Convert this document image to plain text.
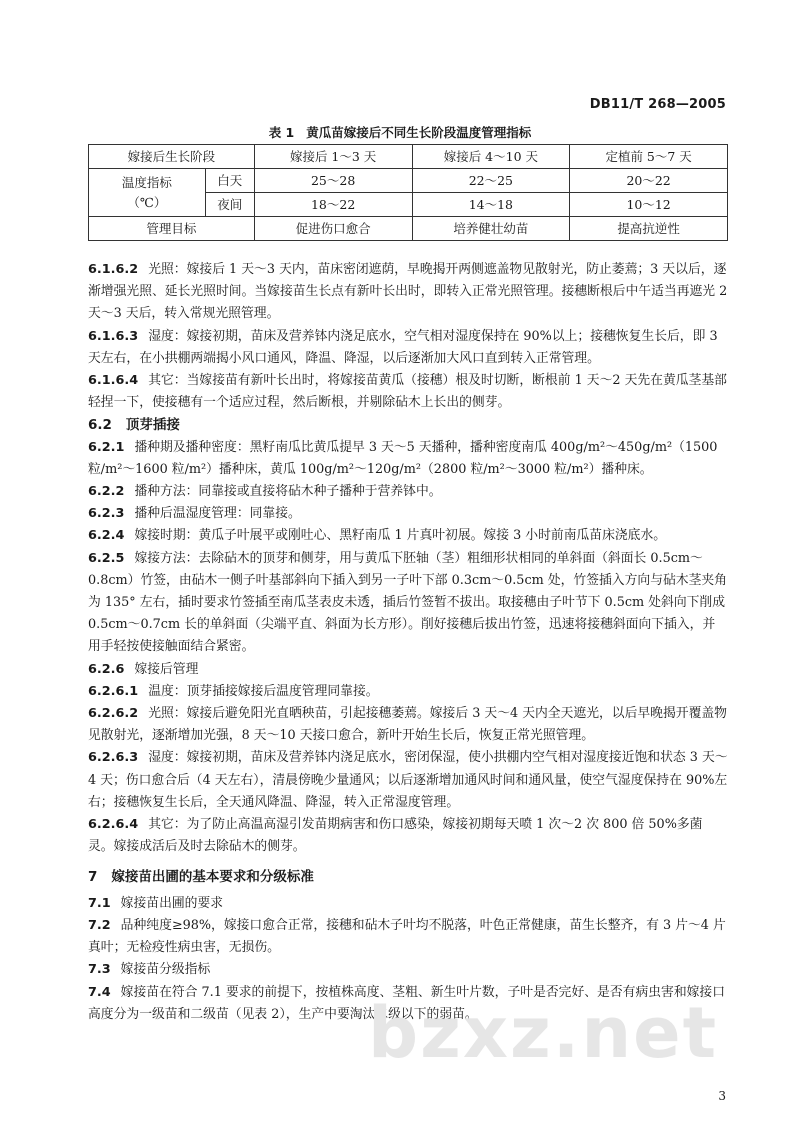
DB11/T 268—2005
表 1 黄瓜苗嫁接后不同生长阶段温度管理指标
嫁接后生长阶段		嫁接后 1～3 天	嫁接后 4～10 天	定植前 5～7 天

温度指标
（℃）	白天	25～28	22～25	20～22
	夜间	18～22	14～18	10～12
管理目标		促进伤口愈合	培养健壮幼苗	提高抗逆性

6.1.6.2 光照：嫁接后 1 天～3 天内，苗床密闭遮荫，早晚揭开两侧遮盖物见散射光，防止萎蔫；3 天以后，逐渐增强光照、延长光照时间。当嫁接苗生长点有新叶长出时，即转入正常光照管理。接穗断根后中午适当再遮光 2 天～3 天后，转入常规光照管理。

6.1.6.3 湿度：嫁接初期，苗床及营养钵内浇足底水，空气相对湿度保持在 90%以上；接穗恢复生长后，即 3 天左右，在小拱棚两端揭小风口通风，降温、降湿，以后逐渐加大风口直到转入正常管理。

6.1.6.4 其它：当嫁接苗有新叶长出时，将嫁接苗黄瓜（接穗）根及时切断，断根前 1 天～2 天先在黄瓜茎基部轻捏一下，使接穗有一个适应过程，然后断根，并剔除砧木上长出的侧芽。

6.2 顶芽插接

6.2.1 播种期及播种密度：黑籽南瓜比黄瓜提早 3 天～5 天播种，播种密度南瓜 400g/m²～450g/m²（1500 粒/m²～1600 粒/m²）播种床，黄瓜 100g/m²～120g/m²（2800 粒/m²～3000 粒/m²）播种床。

6.2.2 播种方法：同靠接或直接将砧木种子播种于营养钵中。

6.2.3 播种后温湿度管理：同靠接。

6.2.4 嫁接时期：黄瓜子叶展平或刚吐心、黑籽南瓜 1 片真叶初展。嫁接 3 小时前南瓜苗床浇底水。

6.2.5 嫁接方法：去除砧木的顶芽和侧芽，用与黄瓜下胚轴（茎）粗细形状相同的单斜面（斜面长 0.5cm～0.8cm）竹签，由砧木一侧子叶基部斜向下插入到另一子叶下部 0.3cm～0.5cm 处，竹签插入方向与砧木茎夹角为 135° 左右，插时要求竹签插至南瓜茎表皮未透，插后竹签暂不拔出。取接穗由子叶节下 0.5cm 处斜向下削成 0.5cm～0.7cm 长的单斜面（尖端平直、斜面为长方形）。削好接穗后拔出竹签，迅速将接穗斜面向下插入，并用手轻按使接触面结合紧密。

6.2.6 嫁接后管理

6.2.6.1 温度：顶芽插接嫁接后温度管理同靠接。

6.2.6.2 光照：嫁接后避免阳光直晒秧苗，引起接穗萎蔫。嫁接后 3 天～4 天内全天遮光，以后早晚揭开覆盖物见散射光，逐渐增加光强，8 天～10 天接口愈合，新叶开始生长后，恢复正常光照管理。

6.2.6.3 湿度：嫁接初期，苗床及营养钵内浇足底水，密闭保湿，使小拱棚内空气相对湿度接近饱和状态 3 天～4 天；伤口愈合后（4 天左右），清晨傍晚少量通风；以后逐渐增加通风时间和通风量，使空气湿度保持在 90%左右；接穗恢复生长后，全天通风降温、降湿，转入正常湿度管理。

6.2.6.4 其它：为了防止高温高湿引发苗期病害和伤口感染，嫁接初期每天喷 1 次～2 次 800 倍 50%多菌灵。嫁接成活后及时去除砧木的侧芽。

7 嫁接苗出圃的基本要求和分级标准

7.1 嫁接苗出圃的要求

7.2 品种纯度≥98%，嫁接口愈合正常，接穗和砧木子叶均不脱落，叶色正常健康，苗生长整齐，有 3 片～4 片真叶；无检疫性病虫害，无损伤。

7.3 嫁接苗分级指标

7.4 嫁接苗在符合 7.1 要求的前提下，按植株高度、茎粗、新生叶片数，子叶是否完好、是否有病虫害和嫁接口高度分为一级苗和二级苗（见表 2），生产中要淘汰二级以下的弱苗。

bzxz.net
3
